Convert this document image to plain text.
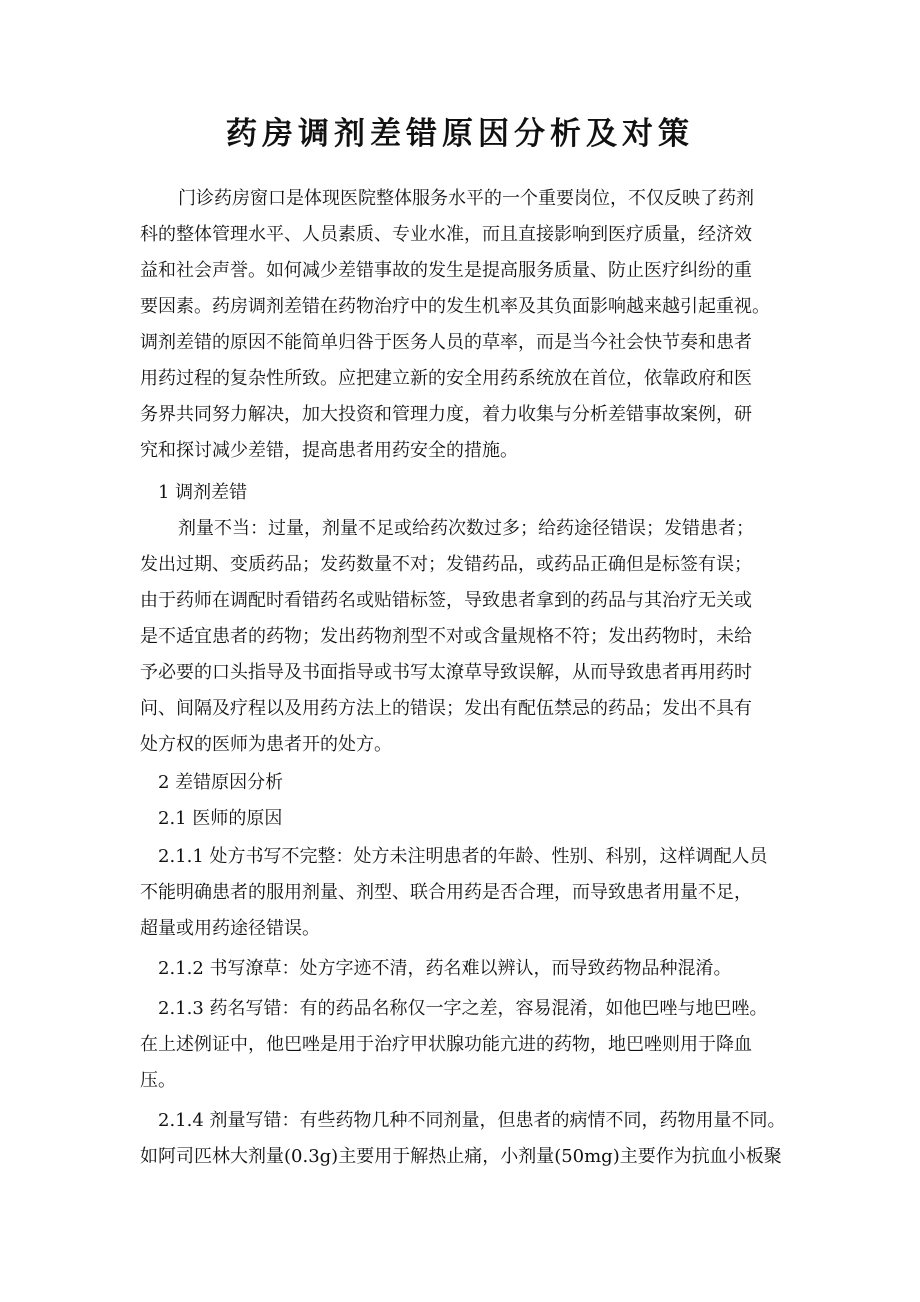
药房调剂差错原因分析及对策

门诊药房窗口是体现医院整体服务水平的一个重要岗位，不仅反映了药剂

科的整体管理水平、人员素质、专业水准，而且直接影响到医疗质量，经济效

益和社会声誉。如何减少差错事故的发生是提高服务质量、防止医疗纠纷的重

要因素。药房调剂差错在药物治疗中的发生机率及其负面影响越来越引起重视。

调剂差错的原因不能简单归咎于医务人员的草率，而是当今社会快节奏和患者

用药过程的复杂性所致。应把建立新的安全用药系统放在首位，依靠政府和医

务界共同努力解决，加大投资和管理力度，着力收集与分析差错事故案例，研

究和探讨减少差错，提高患者用药安全的措施。

1 调剂差错

剂量不当：过量，剂量不足或给药次数过多；给药途径错误；发错患者；

发出过期、变质药品；发药数量不对；发错药品，或药品正确但是标签有误；

由于药师在调配时看错药名或贴错标签，导致患者拿到的药品与其治疗无关或

是不适宜患者的药物；发出药物剂型不对或含量规格不符；发出药物时，未给

予必要的口头指导及书面指导或书写太潦草导致误解，从而导致患者再用药时

问、间隔及疗程以及用药方法上的错误；发出有配伍禁忌的药品；发出不具有

处方权的医师为患者开的处方。

2 差错原因分析

2.1 医师的原因

2.1.1 处方书写不完整：处方未注明患者的年龄、性别、科别，这样调配人员

不能明确患者的服用剂量、剂型、联合用药是否合理，而导致患者用量不足，

超量或用药途径错误。

2.1.2 书写潦草：处方字迹不清，药名难以辨认，而导致药物品种混淆。

2.1.3 药名写错：有的药品名称仅一字之差，容易混淆，如他巴唑与地巴唑。

在上述例证中，他巴唑是用于治疗甲状腺功能亢进的药物，地巴唑则用于降血

压。

2.1.4 剂量写错：有些药物几种不同剂量，但患者的病情不同，药物用量不同。

如阿司匹林大剂量(0.3g)主要用于解热止痛，小剂量(50mg)主要作为抗血小板聚
